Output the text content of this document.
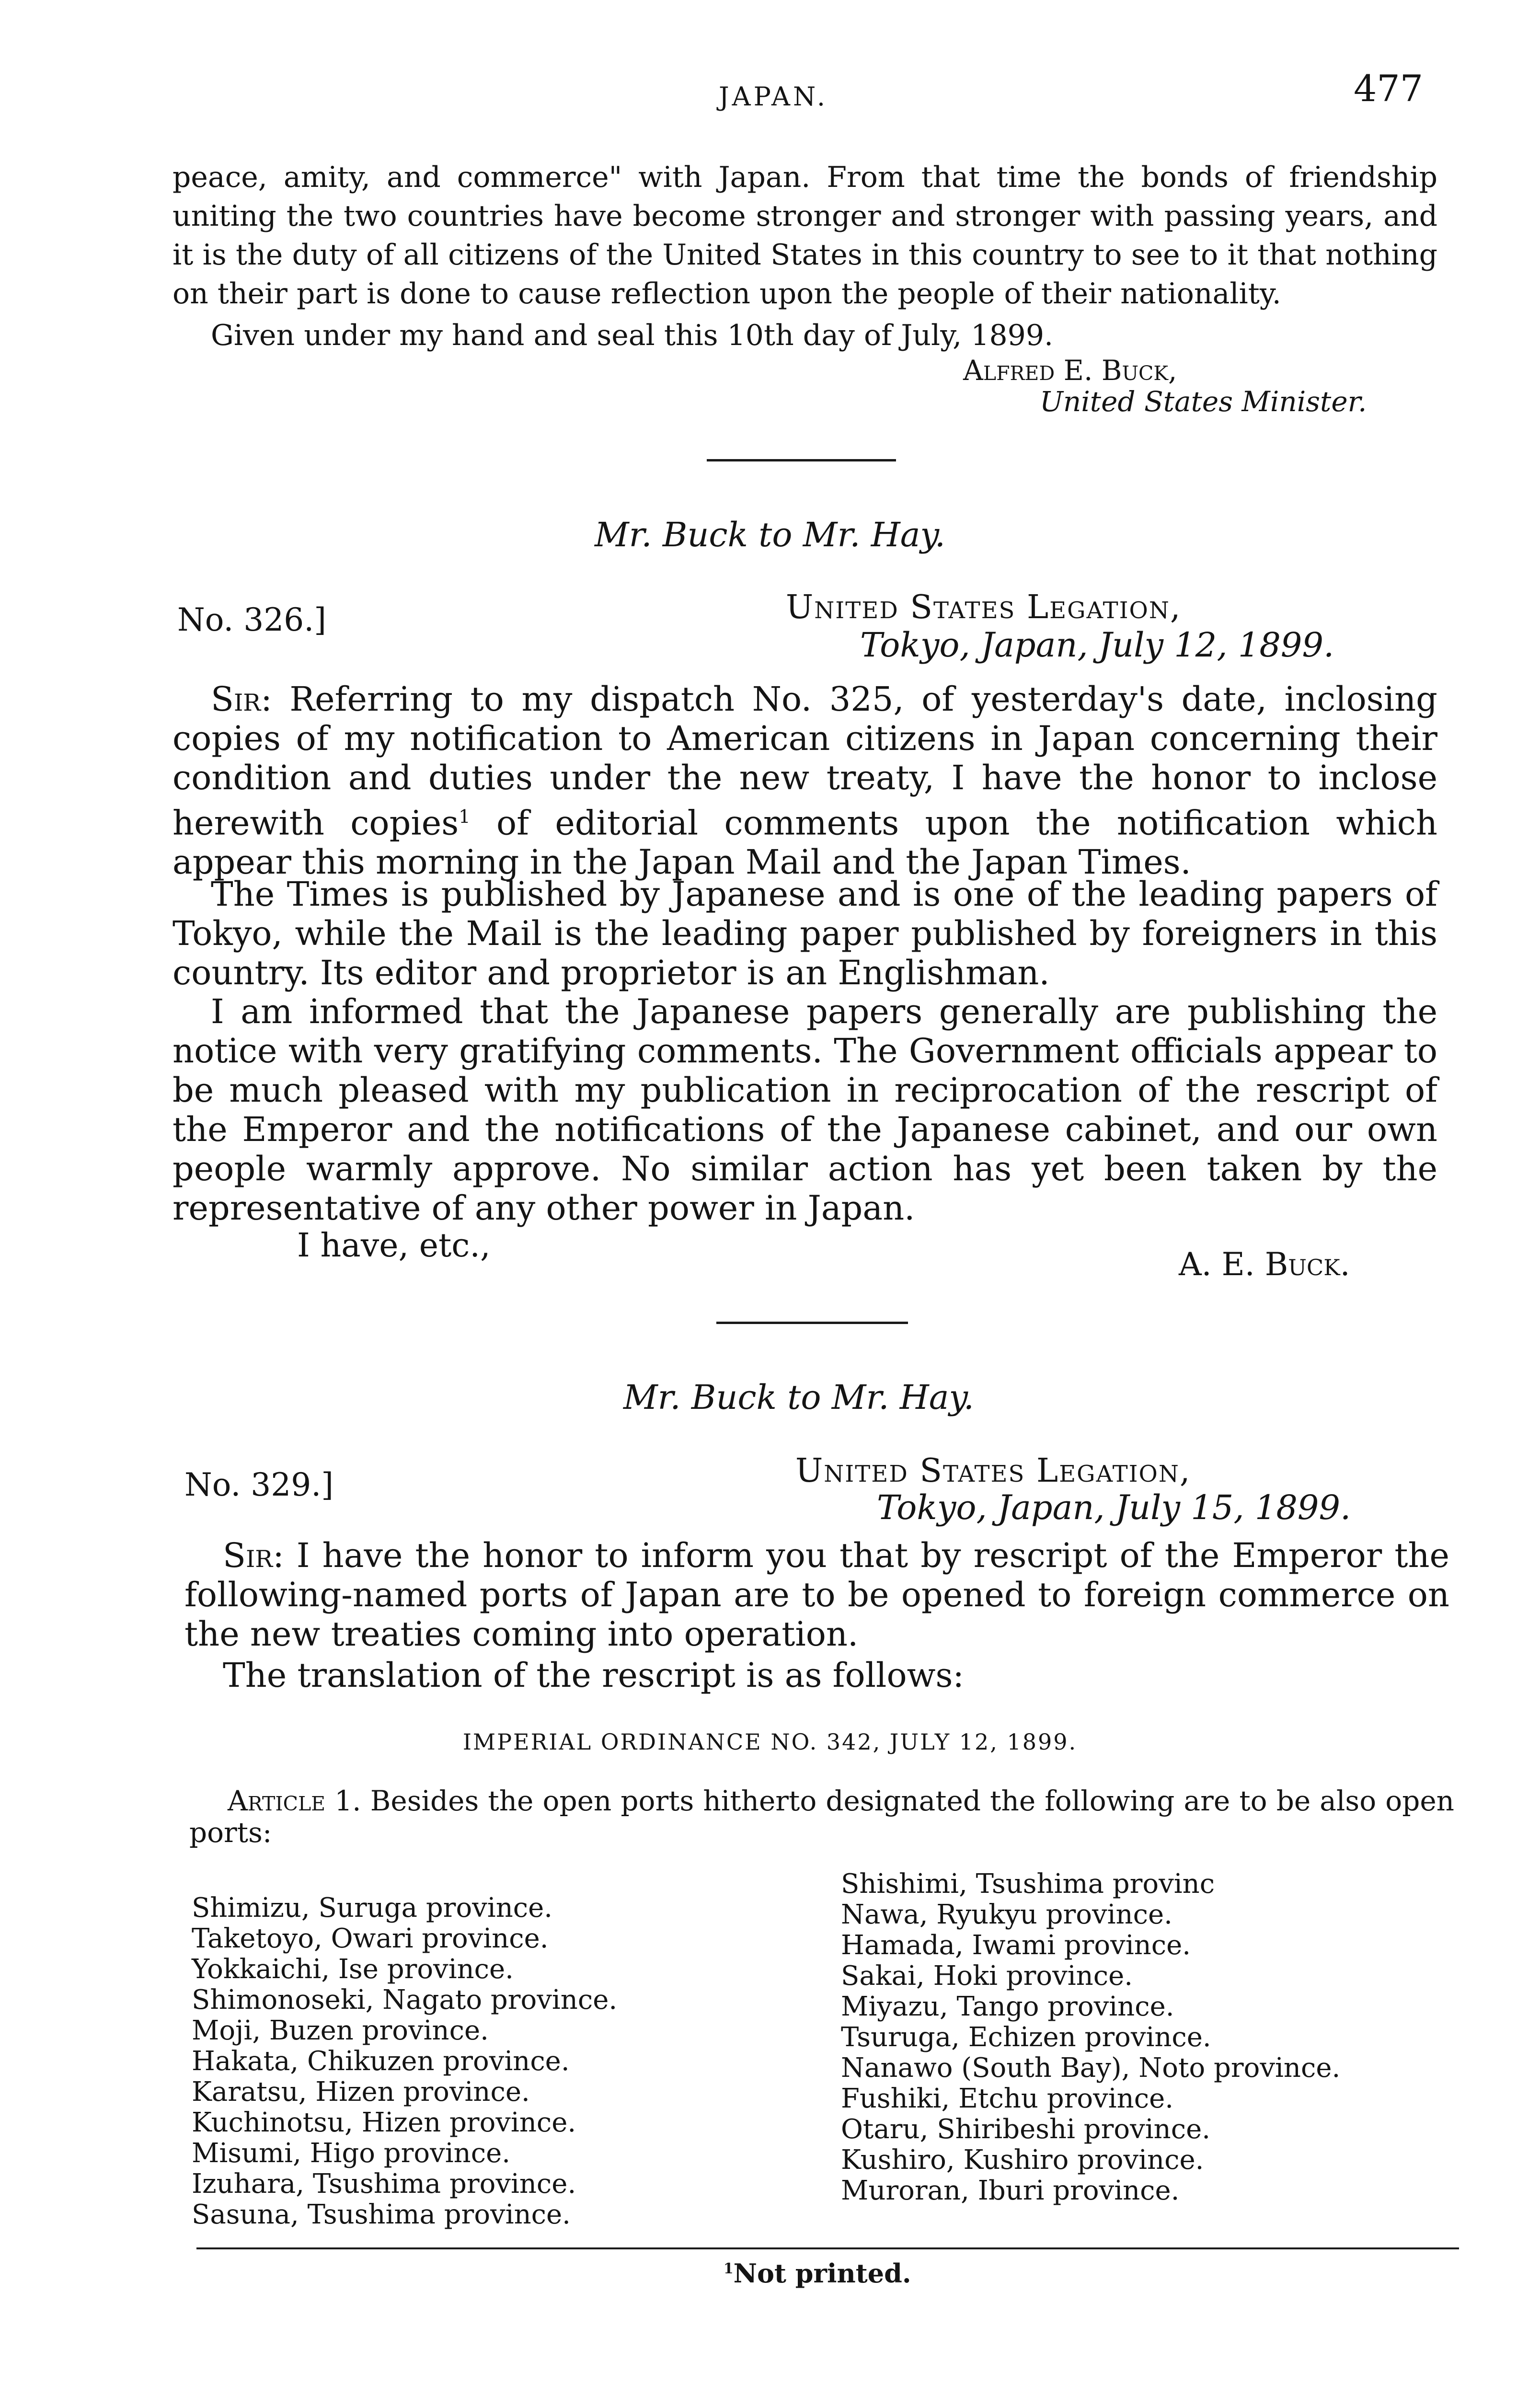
JAPAN.	477

peace, amity, and commerce" with Japan. From that time the bonds of friendship uniting the two countries have become stronger and stronger with passing years, and it is the duty of all citizens of the United States in this country to see to it that nothing on their part is done to cause reflection upon the people of their nationality.

Given under my hand and seal this 10th day of July, 1899.

Alfred E. Buck,
United States Minister.
Mr. Buck to Mr. Hay.
No. 326.]	United States Legation,
Tokyo, Japan, July 12, 1899.

Sir: Referring to my dispatch No. 325, of yesterday's date, inclosing copies of my notification to American citizens in Japan concerning their condition and duties under the new treaty, I have the honor to inclose herewith copies$^1$ of editorial comments upon the notification which appear this morning in the Japan Mail and the Japan Times.

The Times is published by Japanese and is one of the leading papers of Tokyo, while the Mail is the leading paper published by foreigners in this country. Its editor and proprietor is an Englishman.

I am informed that the Japanese papers generally are publishing the notice with very gratifying comments. The Government officials appear to be much pleased with my publication in reciprocation of the rescript of the Emperor and the notifications of the Japanese cabinet, and our own people warmly approve. No similar action has yet been taken by the representative of any other power in Japan.

I have, etc.,	A. E. Buck.
Mr. Buck to Mr. Hay.
No. 329.]	United States Legation,
Tokyo, Japan, July 15, 1899.

Sir: I have the honor to inform you that by rescript of the Emperor the following-named ports of Japan are to be opened to foreign commerce on the new treaties coming into operation.

The translation of the rescript is as follows:

IMPERIAL ORDINANCE NO. 342, JULY 12, 1899.

Article 1. Besides the open ports hitherto designated the following are to be also open ports:

Shimizu, Suruga province.
Taketoyo, Owari province.
Yokkaichi, Ise province.
Shimonoseki, Nagato province.
Moji, Buzen province.
Hakata, Chikuzen province.
Karatsu, Hizen province.
Kuchinotsu, Hizen province.
Misumi, Higo province.
Izuhara, Tsushima province.
Sasuna, Tsushima province.
Shishimi, Tsushima provinc
Nawa, Ryukyu province.
Hamada, Iwami province.
Sakai, Hoki province.
Miyazu, Tango province.
Tsuruga, Echizen province.
Nanawo (South Bay), Noto province.
Fushiki, Etchu province.
Otaru, Shiribeshi province.
Kushiro, Kushiro province.
Muroran, Iburi province.
$^1$Not printed.
